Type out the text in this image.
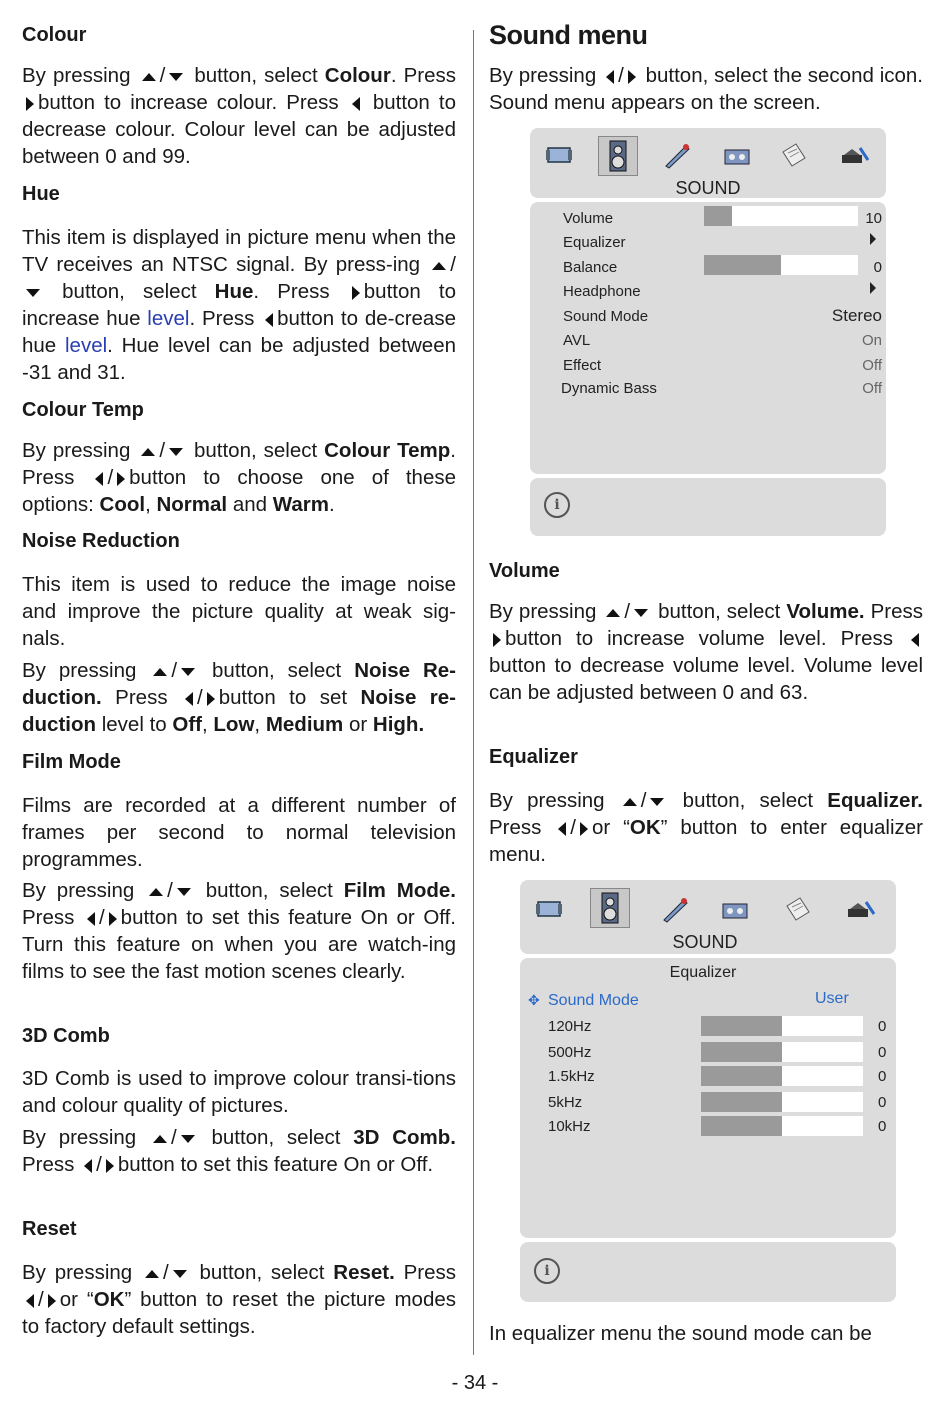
Colour
By pressing / button, select Colour. Press button to increase colour. Press button to decrease colour. Colour level can be adjusted between 0 and 99.
Hue
This item is displayed in picture menu when the TV receives an NTSC signal. By press-ing / button, select Hue. Press button to increase hue level. Press button to de-crease hue level. Hue level can be adjusted between -31 and 31.
Colour Temp
By pressing / button, select Colour Temp. Press / button to choose one of these options: Cool, Normal and Warm.
Noise Reduction
This item is used to reduce the image noise and improve the picture quality at weak sig-nals.
By pressing / button, select Noise Re-duction. Press / button to set Noise re-duction level to Off, Low, Medium or High.
Film Mode
Films are recorded at a different number of frames per second to normal television programmes.
By pressing / button, select Film Mode. Press / button to set this feature On or Off. Turn this feature on when you are watch-ing films to see the fast motion scenes clearly.
3D Comb
3D Comb is used to improve colour transi-tions and colour quality of pictures.
By pressing / button, select 3D Comb. Press / button to set this feature On or Off.
Reset
By pressing / button, select Reset. Press / or “OK” button to reset the picture modes to factory default settings.
Sound menu
By pressing / button, select the second icon. Sound menu appears on the screen.
Volume
By pressing / button, select Volume. Press button to increase volume level. Press button to decrease volume level. Volume level can be adjusted between 0 and 63.
Equalizer
By pressing / button, select Equalizer. Press / or “OK” button to enter equalizer menu.
In equalizer menu the sound mode can be
SOUND
Volume	10
Equalizer
Balance	0
Headphone
Sound Mode	Stereo
AVL	On
Effect	Off
Dynamic Bass	Off
i
SOUND
Equalizer
✥ Sound Mode	User
120Hz	0
500Hz	0
1.5kHz	0
5kHz	0
10kHz	0
i
- 34 -
